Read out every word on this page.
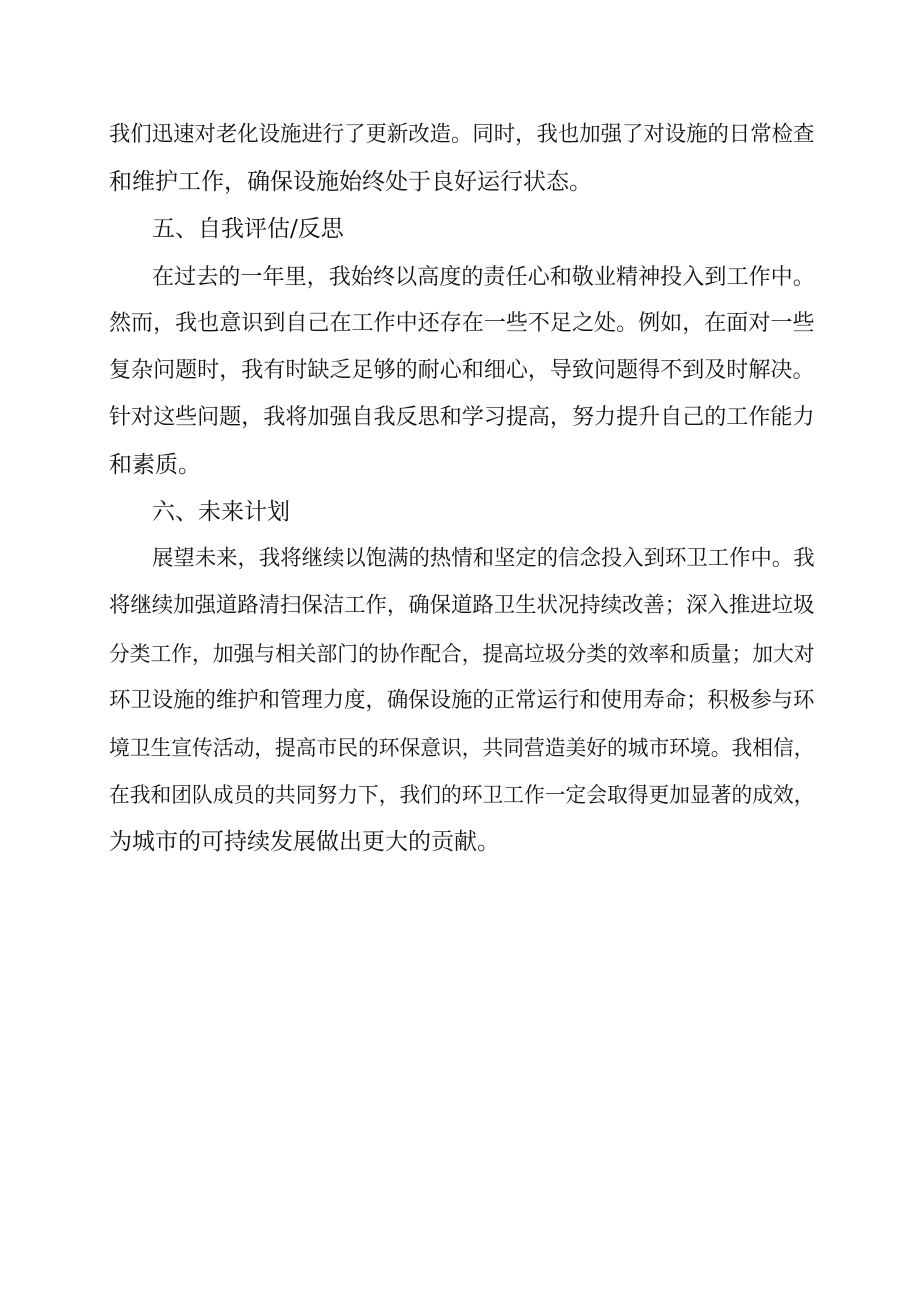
我们迅速对老化设施进行了更新改造。同时，我也加强了对设施的日常检查
和维护工作，确保设施始终处于良好运行状态。
五、自我评估/反思
在过去的一年里，我始终以高度的责任心和敬业精神投入到工作中。
然而，我也意识到自己在工作中还存在一些不足之处。例如，在面对一些
复杂问题时，我有时缺乏足够的耐心和细心，导致问题得不到及时解决。
针对这些问题，我将加强自我反思和学习提高，努力提升自己的工作能力
和素质。
六、未来计划
展望未来，我将继续以饱满的热情和坚定的信念投入到环卫工作中。我
将继续加强道路清扫保洁工作，确保道路卫生状况持续改善；深入推进垃圾
分类工作，加强与相关部门的协作配合，提高垃圾分类的效率和质量；加大对
环卫设施的维护和管理力度，确保设施的正常运行和使用寿命；积极参与环
境卫生宣传活动，提高市民的环保意识，共同营造美好的城市环境。我相信，
在我和团队成员的共同努力下，我们的环卫工作一定会取得更加显著的成效，
为城市的可持续发展做出更大的贡献。
